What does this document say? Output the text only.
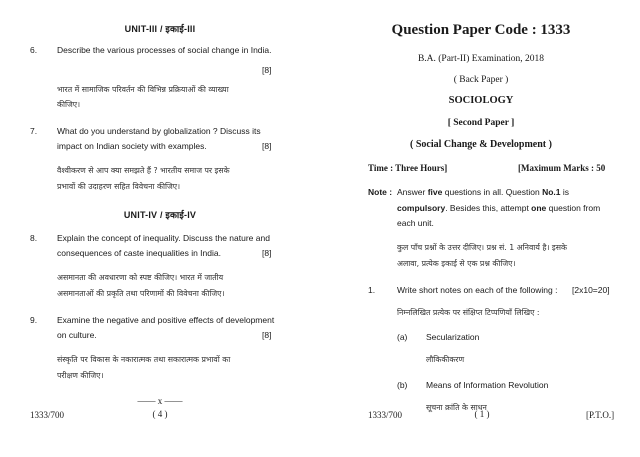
UNIT-III / इकाई-III
6. Describe the various processes of social change in India.
[8]
भारत में सामाजिक परिवर्तन की विभिन्न प्रक्रियाओं की व्याख्या
कीजिए।
7. What do you understand by globalization ? Discuss its
impact on Indian society with examples.	[8]
वैश्वीकरण से आप क्या समझते हैं ? भारतीय समाज पर इसके
प्रभावों की उदाहरण सहित विवेचना कीजिए।
UNIT-IV / इकाई-IV
8. Explain the concept of inequality. Discuss the nature and
consequences of caste inequalities in India.	[8]
असमानता की अवधारणा को स्पष्ट कीजिए। भारत में जातीय
असमानताओं की प्रकृति तथा परिणामों की विवेचना कीजिए।
9. Examine the negative and positive effects of development
on culture.	[8]
संस्कृति पर विकास के नकारात्मक तथा सकारात्मक प्रभावों का
परीक्षण कीजिए।
—— x ——
1333/700	( 4 )
Question Paper Code : 1333
B.A. (Part-II) Examination, 2018
( Back Paper )
SOCIOLOGY
[ Second Paper ]
( Social Change & Development )
Time : Three Hours]	[Maximum Marks : 50
Note : Answer five questions in all. Question No.1 is
compulsory. Besides this, attempt one question from
each unit.
कुल पाँच प्रश्नों के उत्तर दीजिए। प्रश्न सं. 1 अनिवार्य है। इसके
अलावा, प्रत्येक इकाई से एक प्रश्न कीजिए।
1.	Write short notes on each of the following : [2x10=20]
निम्नलिखित प्रत्येक पर संक्षिप्त टिप्पणियाँ लिखिए :
(a) Secularization
लौकिकीकरण
(b) Means of Information Revolution
सूचना क्रांति के साधन
1333/700	( 1 )	[P.T.O.]
